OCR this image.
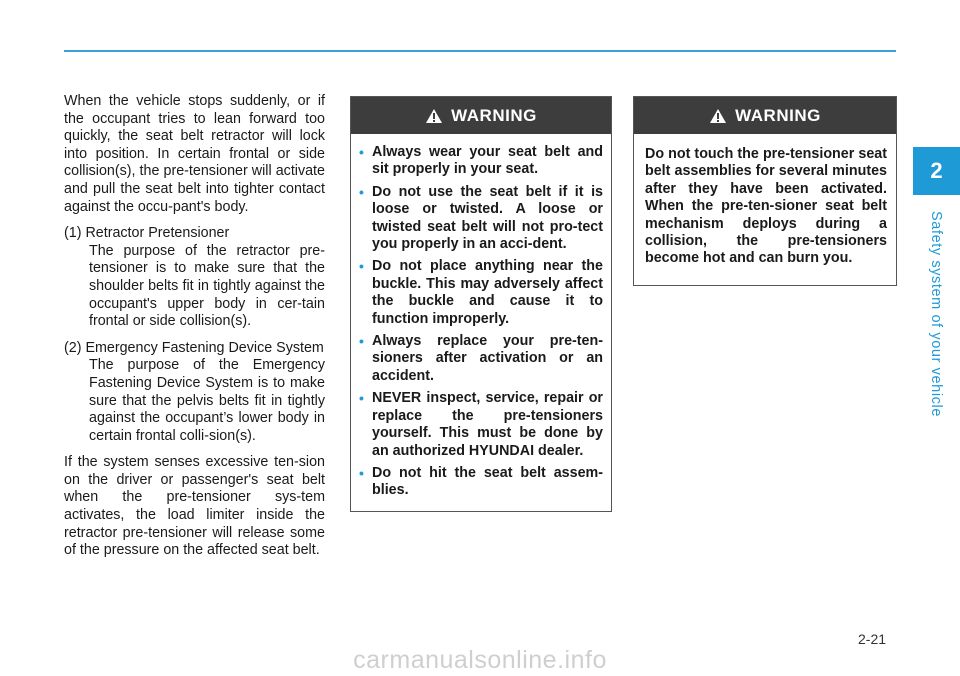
2
Safety system of your vehicle

When the vehicle stops suddenly, or if the occupant tries to lean forward too quickly, the seat belt retractor will lock into position. In certain frontal or side collision(s), the pre-tensioner will activate and pull the seat belt into tighter contact against the occu-pant's body.

(1) Retractor Pretensioner

The purpose of the retractor pre-tensioner is to make sure that the shoulder belts fit in tightly against the occupant's upper body in cer-tain frontal or side collision(s).

(2) Emergency Fastening Device System

The purpose of the Emergency Fastening Device System is to make sure that the pelvis belts fit in tightly against the occupant’s lower body in certain frontal colli-sion(s).

If the system senses excessive ten-sion on the driver or passenger's seat belt when the pre-tensioner sys-tem activates, the load limiter inside the retractor pre-tensioner will release some of the pressure on the affected seat belt.

WARNING
• Always wear your seat belt and sit properly in your seat.
• Do not use the seat belt if it is loose or twisted. A loose or twisted seat belt will not pro-tect you properly in an acci-dent.
• Do not place anything near the buckle. This may adversely affect the buckle and cause it to function improperly.
• Always replace your pre-ten-sioners after activation or an accident.
• NEVER inspect, service, repair or replace the pre-tensioners yourself. This must be done by an authorized HYUNDAI dealer.
• Do not hit the seat belt assem-blies.
WARNING

Do not touch the pre-tensioner seat belt assemblies for several minutes after they have been activated. When the pre-ten-sioner seat belt mechanism deploys during a collision, the pre-tensioners become hot and can burn you.

2-21
carmanualsonline.info
